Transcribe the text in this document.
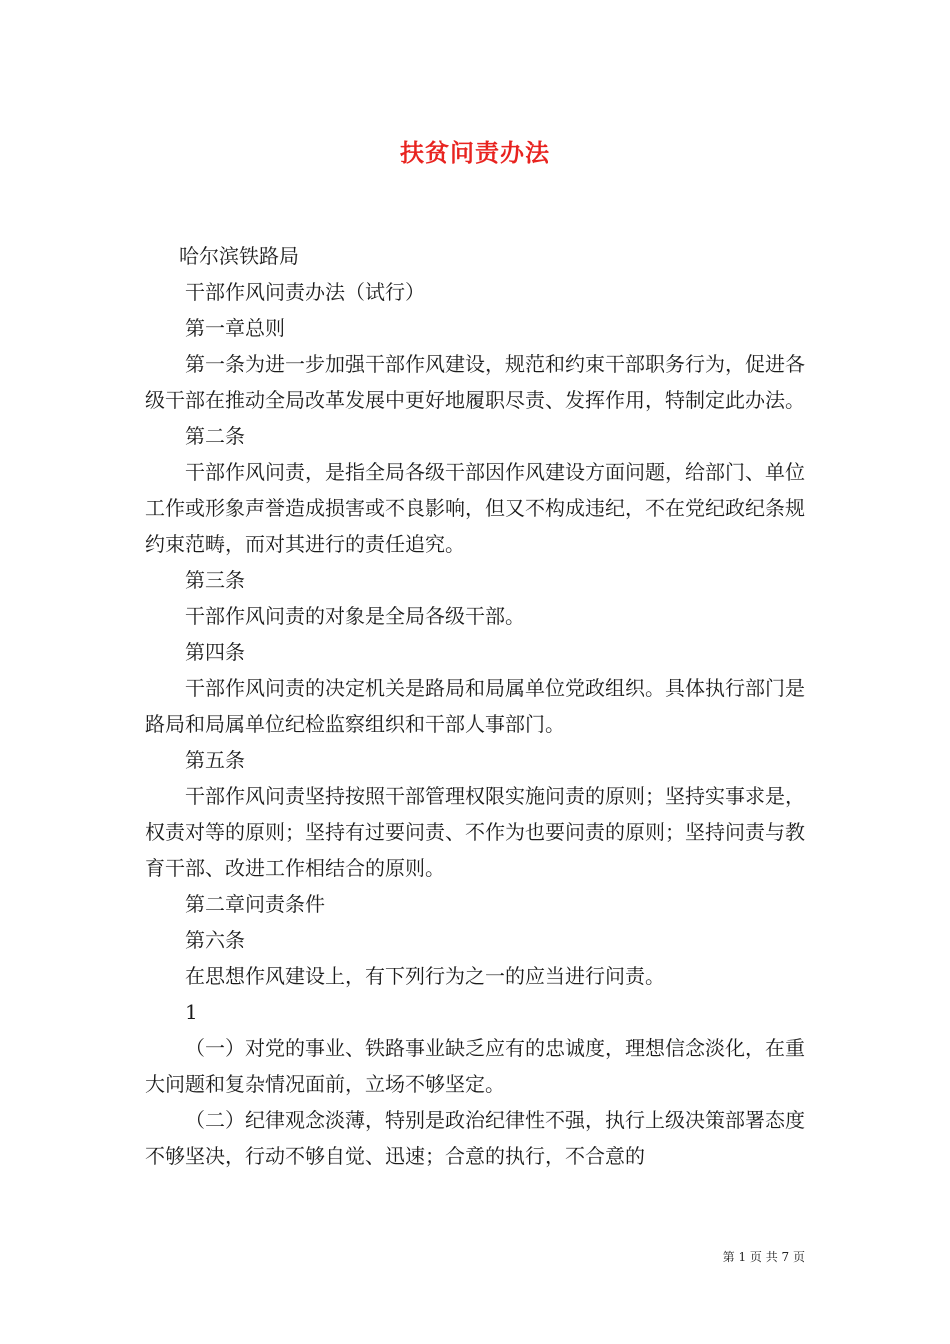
扶贫问责办法

哈尔滨铁路局

干部作风问责办法（试行）

第一章总则

第一条为进一步加强干部作风建设，规范和约束干部职务行为，促进各级干部在推动全局改革发展中更好地履职尽责、发挥作用，特制定此办法。

第二条

干部作风问责，是指全局各级干部因作风建设方面问题，给部门、单位工作或形象声誉造成损害或不良影响，但又不构成违纪，不在党纪政纪条规约束范畴，而对其进行的责任追究。

第三条

干部作风问责的对象是全局各级干部。

第四条

干部作风问责的决定机关是路局和局属单位党政组织。具体执行部门是路局和局属单位纪检监察组织和干部人事部门。

第五条

干部作风问责坚持按照干部管理权限实施问责的原则；坚持实事求是，权责对等的原则；坚持有过要问责、不作为也要问责的原则；坚持问责与教育干部、改进工作相结合的原则。

第二章问责条件

第六条

在思想作风建设上，有下列行为之一的应当进行问责。

1

（一）对党的事业、铁路事业缺乏应有的忠诚度，理想信念淡化，在重大问题和复杂情况面前，立场不够坚定。

（二）纪律观念淡薄，特别是政治纪律性不强，执行上级决策部署态度不够坚决，行动不够自觉、迅速；合意的执行，不合意的

第 1 页 共 7 页
